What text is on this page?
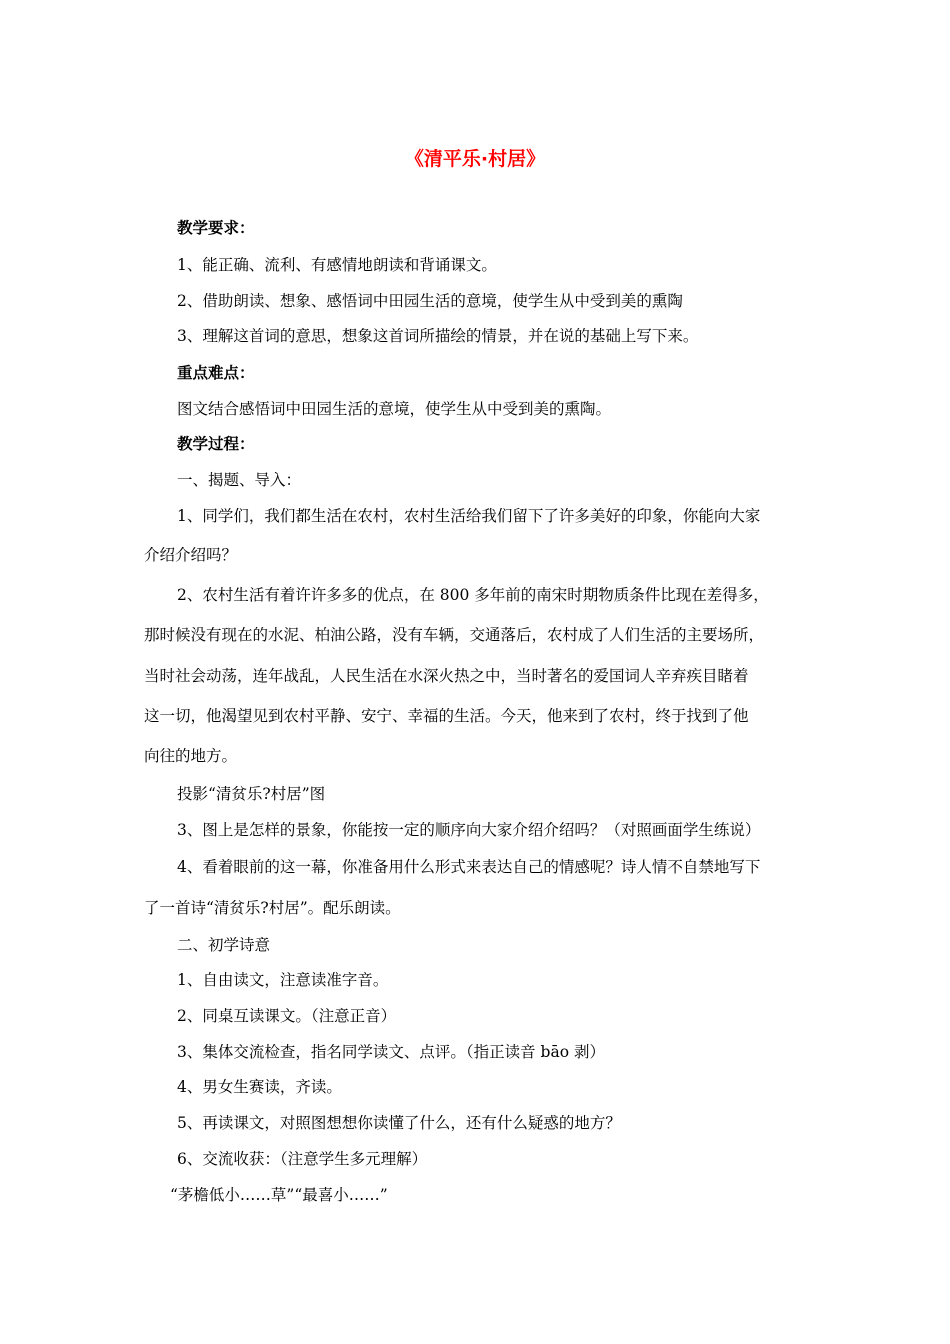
《清平乐·村居》
教学要求：
1、能正确、流利、有感情地朗读和背诵课文。
2、借助朗读、想象、感悟词中田园生活的意境，使学生从中受到美的熏陶
3、理解这首词的意思，想象这首词所描绘的情景，并在说的基础上写下来。
重点难点：
图文结合感悟词中田园生活的意境，使学生从中受到美的熏陶。
教学过程：
一、揭题、导入：
1、同学们，我们都生活在农村，农村生活给我们留下了许多美好的印象，你能向大家
介绍介绍吗？
2、农村生活有着许许多多的优点，在 800 多年前的南宋时期物质条件比现在差得多，
那时候没有现在的水泥、柏油公路，没有车辆，交通落后，农村成了人们生活的主要场所，
当时社会动荡，连年战乱，人民生活在水深火热之中，当时著名的爱国词人辛弃疾目睹着
这一切，他渴望见到农村平静、安宁、幸福的生活。今天，他来到了农村，终于找到了他
向往的地方。
投影“清贫乐?村居”图
3、图上是怎样的景象，你能按一定的顺序向大家介绍介绍吗？（对照画面学生练说）
4、看着眼前的这一幕，你准备用什么形式来表达自己的情感呢？诗人情不自禁地写下
了一首诗“清贫乐?村居”。配乐朗读。
二、初学诗意
1、自由读文，注意读准字音。
2、同桌互读课文。（注意正音）
3、集体交流检查，指名同学读文、点评。（指正读音 bāo 剥）
4、男女生赛读，齐读。
5、再读课文，对照图想想你读懂了什么，还有什么疑惑的地方？
6、交流收获：（注意学生多元理解）
“茅檐低小……草”“最喜小……”
